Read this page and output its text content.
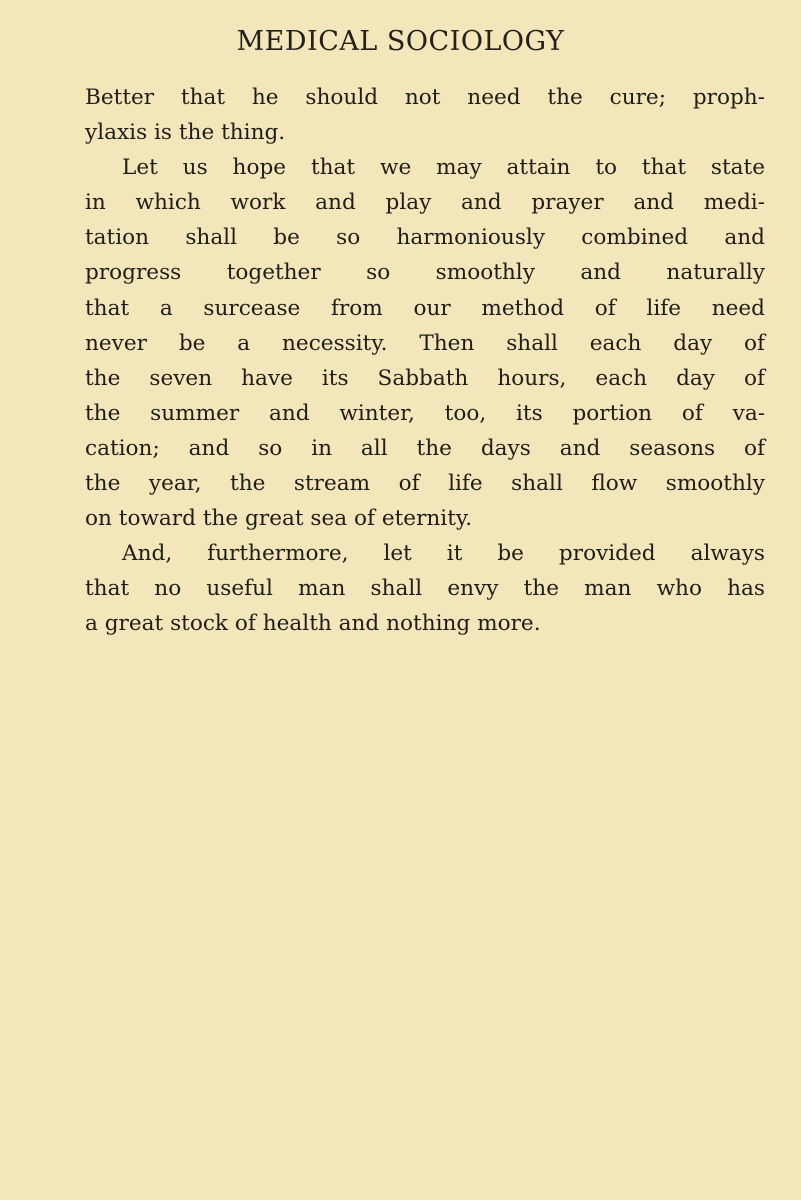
MEDICAL SOCIOLOGY
Better that he should not need the cure; proph-
ylaxis is the thing.
Let us hope that we may attain to that state
in which work and play and prayer and medi-
tation shall be so harmoniously combined and
progress together so smoothly and naturally
that a surcease from our method of life need
never be a necessity. Then shall each day of
the seven have its Sabbath hours, each day of
the summer and winter, too, its portion of va-
cation; and so in all the days and seasons of
the year, the stream of life shall flow smoothly
on toward the great sea of eternity.
And, furthermore, let it be provided always
that no useful man shall envy the man who has
a great stock of health and nothing more.
